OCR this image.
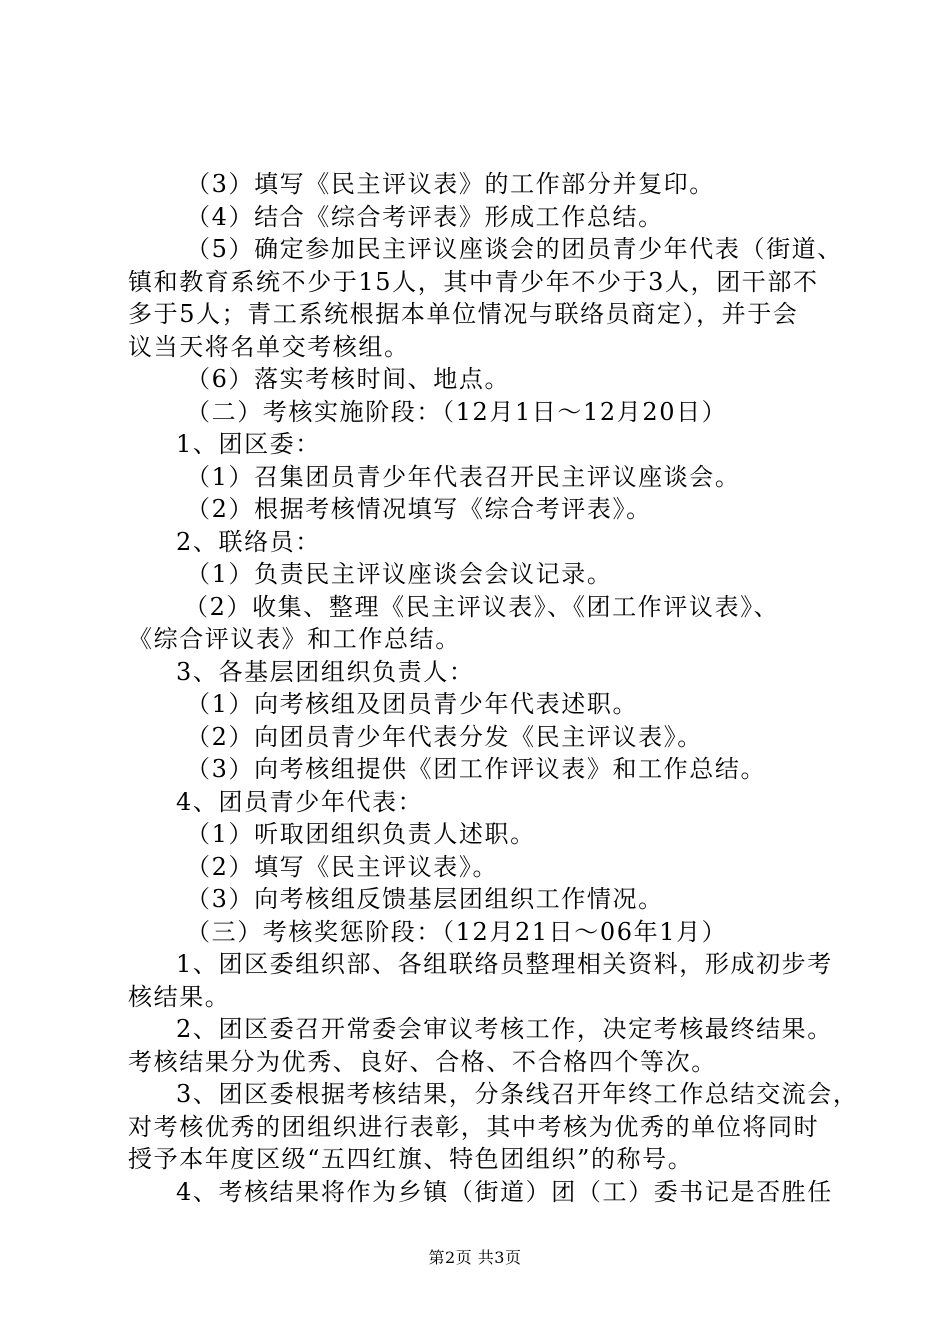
（3）填写《民主评议表》的工作部分并复印。
（4）结合《综合考评表》形成工作总结。
（5）确定参加民主评议座谈会的团员青少年代表（街道、
镇和教育系统不少于15人，其中青少年不少于3人，团干部不
多于5人；青工系统根据本单位情况与联络员商定），并于会
议当天将名单交考核组。
（6）落实考核时间、地点。
（二）考核实施阶段：（12月1日～12月20日）
1、团区委：
（1）召集团员青少年代表召开民主评议座谈会。
（2）根据考核情况填写《综合考评表》。
2、联络员：
（1）负责民主评议座谈会会议记录。
（2）收集、整理《民主评议表》、《团工作评议表》、
《综合评议表》和工作总结。
3、各基层团组织负责人：
（1）向考核组及团员青少年代表述职。
（2）向团员青少年代表分发《民主评议表》。
（3）向考核组提供《团工作评议表》和工作总结。
4、团员青少年代表：
（1）听取团组织负责人述职。
（2）填写《民主评议表》。
（3）向考核组反馈基层团组织工作情况。
（三）考核奖惩阶段：（12月21日～06年1月）
1、团区委组织部、各组联络员整理相关资料，形成初步考
核结果。
2、团区委召开常委会审议考核工作，决定考核最终结果。
考核结果分为优秀、良好、合格、不合格四个等次。
3、团区委根据考核结果，分条线召开年终工作总结交流会，
对考核优秀的团组织进行表彰，其中考核为优秀的单位将同时
授予本年度区级“五四红旗、特色团组织”的称号。
4、考核结果将作为乡镇（街道）团（工）委书记是否胜任
第2页 共3页
